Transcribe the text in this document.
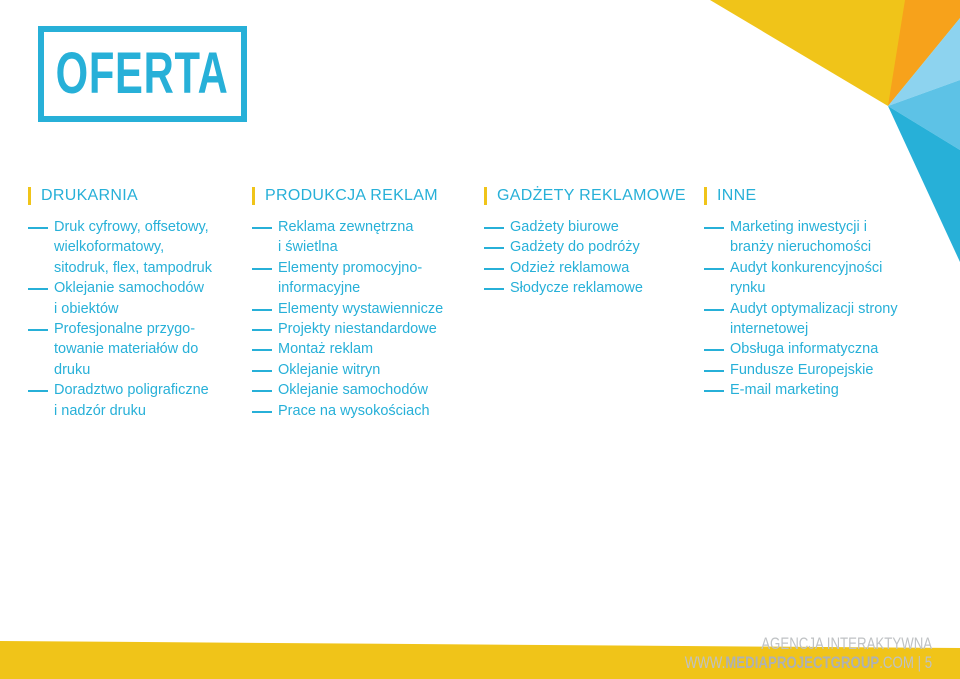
OFERTA
DRUKARNIA
Druk cyfrowy, offsetowy,
wielkoformatowy,
sitodruk, flex, tampodruk
Oklejanie samochodów
i obiektów
Profesjonalne przygo-
towanie materiałów do
druku
Doradztwo poligraficzne
i nadzór druku
PRODUKCJA REKLAM
Reklama zewnętrzna
i świetlna
Elementy promocyjno-
informacyjne
Elementy wystawiennicze
Projekty niestandardowe
Montaż reklam
Oklejanie witryn
Oklejanie samochodów
Prace na wysokościach
GADŻETY REKLAMOWE
Gadżety biurowe
Gadżety do podróży
Odzież reklamowa
Słodycze reklamowe
INNE
Marketing inwestycji i
branży nieruchomości
Audyt konkurencyjności
rynku
Audyt optymalizacji strony
internetowej
Obsługa informatyczna
Fundusze Europejskie
E-mail marketing
AGENCJA INTERAKTYWNA
WWW.MEDIAPROJECTGROUP.COM | 5
